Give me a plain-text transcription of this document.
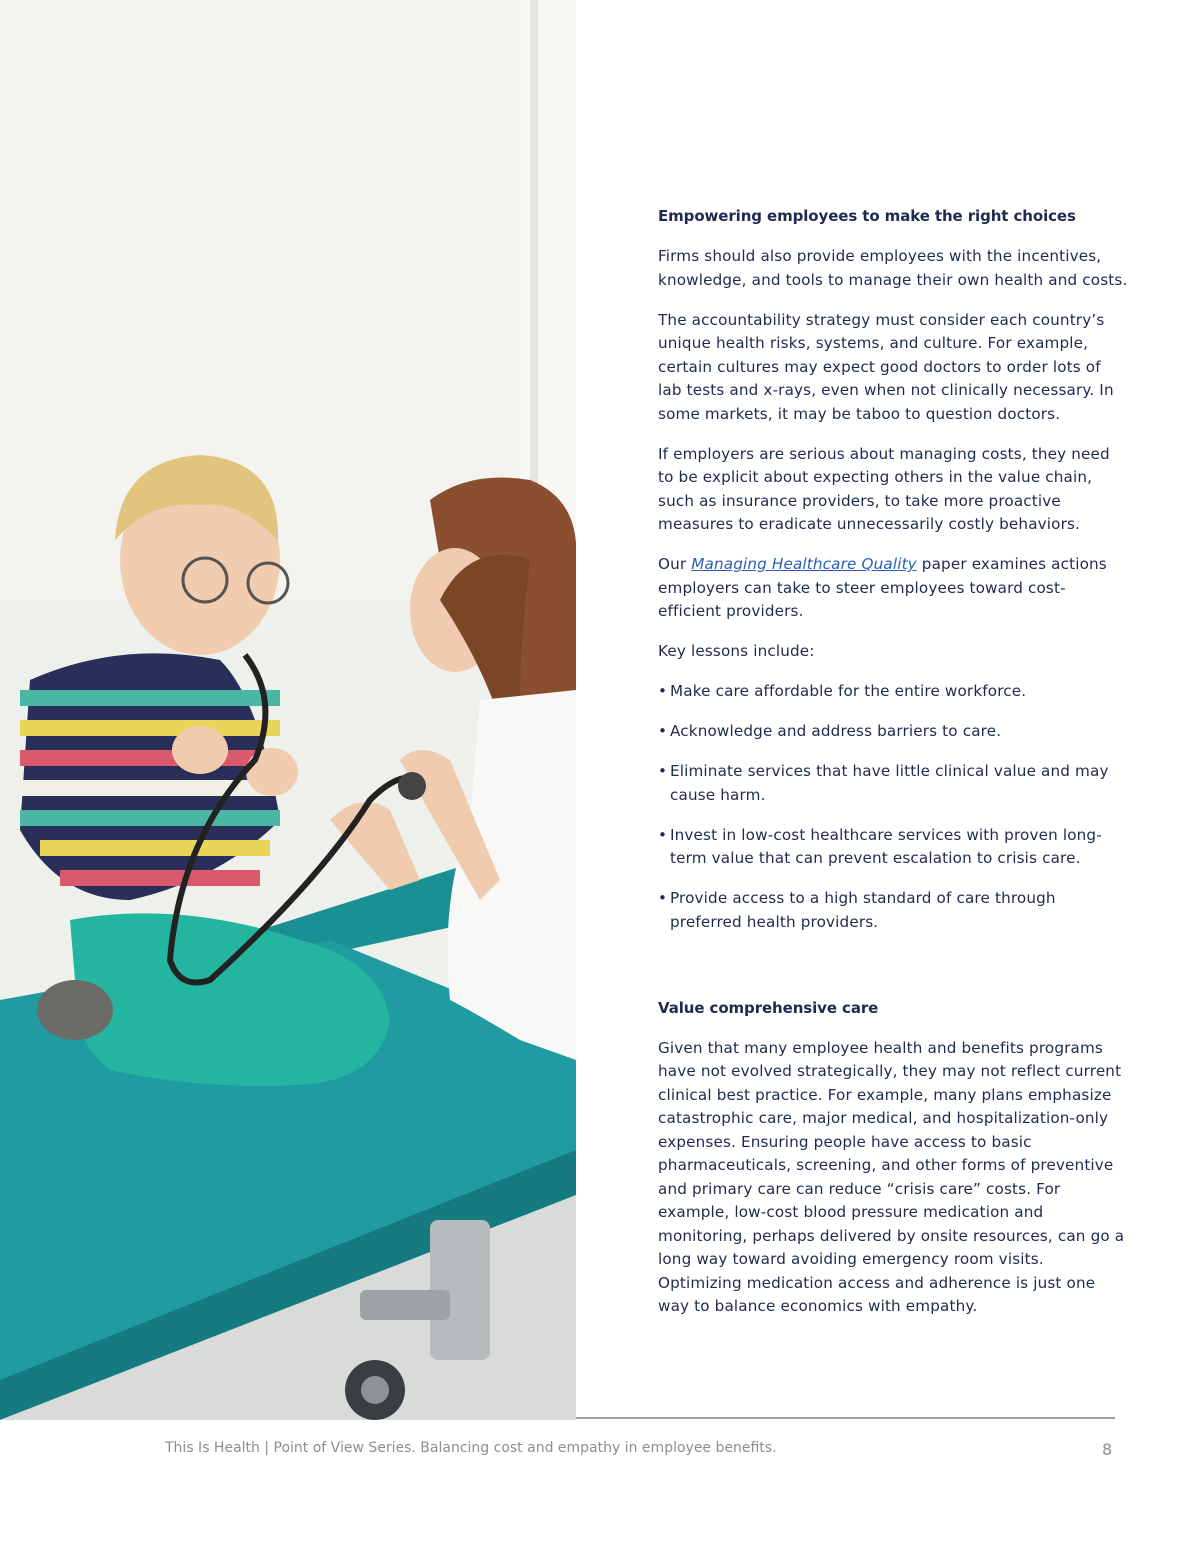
Empowering employees to make the right choices

Firms should also provide employees with the incentives, knowledge, and tools to manage their own health and costs.

The accountability strategy must consider each country’s unique health risks, systems, and culture. For example, certain cultures may expect good doctors to order lots of lab tests and x-rays, even when not clinically necessary. In some markets, it may be taboo to question doctors.

If employers are serious about managing costs, they need to be explicit about expecting others in the value chain, such as insurance providers, to take more proactive measures to eradicate unnecessarily costly behaviors.

Our Managing Healthcare Quality paper examines actions employers can take to steer employees toward cost-efficient providers.

Key lessons include:

• Make care affordable for the entire workforce.
• Acknowledge and address barriers to care.
• Eliminate services that have little clinical value and may cause harm.
• Invest in low-cost healthcare services with proven long-term value that can prevent escalation to crisis care.
• Provide access to a high standard of care through preferred health providers.
Value comprehensive care

Given that many employee health and benefits programs have not evolved strategically, they may not reflect current clinical best practice. For example, many plans emphasize catastrophic care, major medical, and hospitalization-only expenses. Ensuring people have access to basic pharmaceuticals, screening, and other forms of preventive and primary care can reduce “crisis care” costs. For example, low-cost blood pressure medication and monitoring, perhaps delivered by onsite resources, can go a long way toward avoiding emergency room visits. Optimizing medication access and adherence is just one way to balance economics with empathy.

This Is Health | Point of View Series. Balancing cost and empathy in employee benefits.	8
